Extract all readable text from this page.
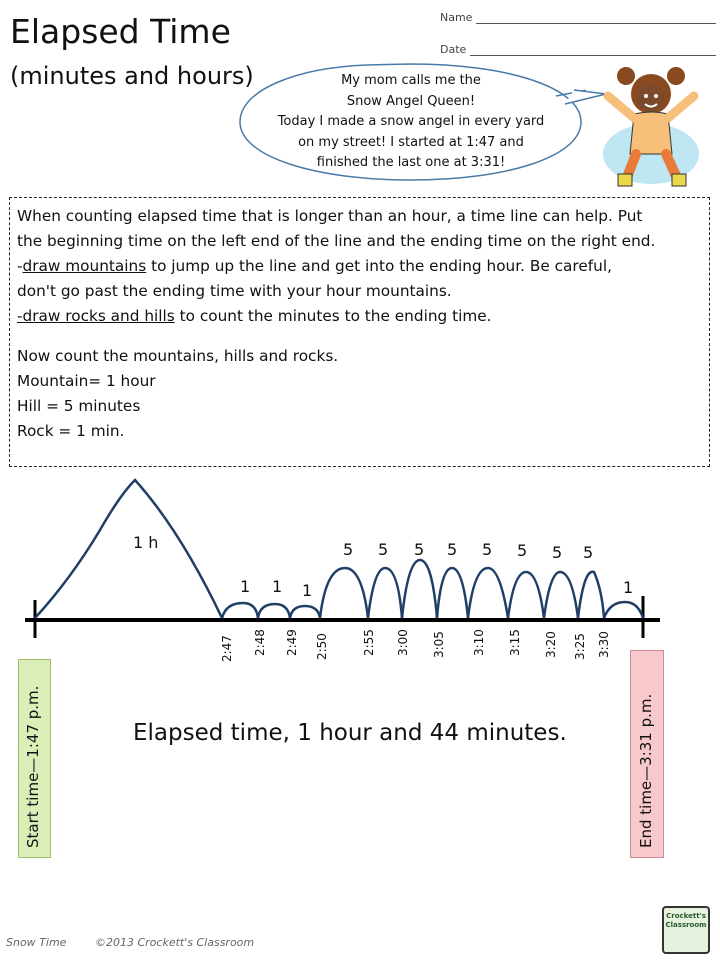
Elapsed Time
(minutes and hours)
Name
Date
My mom calls me the
Snow Angel Queen!
Today I made a snow angel in every yard
on my street! I started at 1:47 and
finished the last one at 3:31!
When counting elapsed time that is longer than an hour, a time line can help. Put
the beginning time on the left end of the line and the ending time on the right end.
-draw mountains to jump up the line and get into the ending hour. Be careful,
don't go past the ending time with your hour mountains.
-draw rocks and hills to count the minutes to the ending time.
Now count the mountains, hills and rocks.
Mountain= 1 hour
Hill = 5 minutes
Rock = 1 min.
1 h
1 1 1	1
5 5 5 5 5 5 5 5
2:47 2:48 2:49 2:50	2:55 3:00 3:05 3:10 3:15 3:20 3:25 3:30
Start time—1:47 p.m.	End time—3:31 p.m.
Elapsed time, 1 hour and 44 minutes.
Snow Time	©2013 Crockett's Classroom
Crockett's Classroom
